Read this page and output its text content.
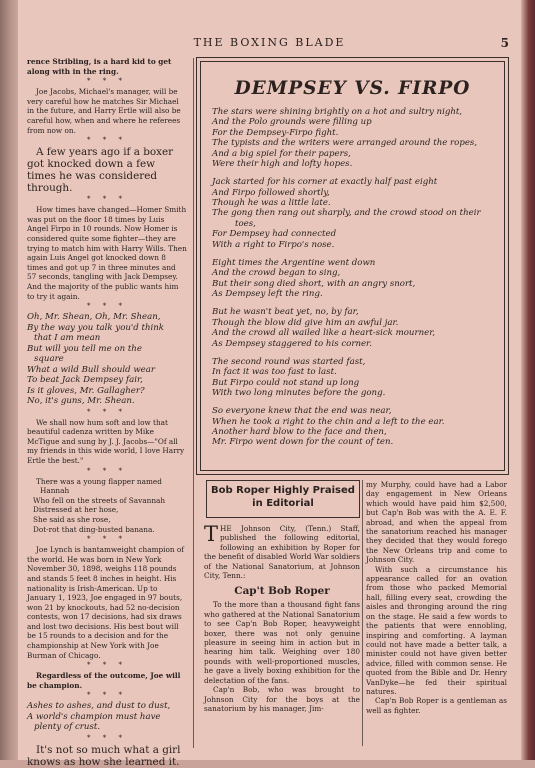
THE BOXING BLADE	5

rence Stribling, is a hard kid to get along with in the ring.

* * *

Joe Jacobs, Michael's manager, will be very careful how he matches Sir Michael in the future, and Harry Ertle will also be careful how, when and where he referees from now on.

* * *

A few years ago if a boxer got knocked down a few times he was considered through.

* * *

How times have changed—Homer Smith was put on the floor 18 times by Luis Angel Firpo in 10 rounds. Now Homer is considered quite some fighter—they are trying to match him with Harry Wills. Then again Luis Angel got knocked down 8 times and got up 7 in three minutes and 57 seconds, tangling with Jack Dempsey. And the majority of the public wants him to try it again.

* * *
Oh, Mr. Shean, Oh, Mr. Shean,
By the way you talk you'd think
that I am mean
But will you tell me on the
square
What a wild Bull should wear
To beat Jack Dempsey fair,
Is it gloves, Mr. Gallagher?
No, it's guns, Mr. Shean.
* * *

We shall now hum soft and low that beautiful cadenza written by Mike McTigue and sung by J. J. Jacobs—"Of all my friends in this wide world, I love Harry Ertle the best."

* * *

There was a young flapper named

Hannah
Who fell on the streets of Savannah
Distressed at her hose,
She said as she rose,
Dot-rot that ding-busted banana.
* * *

Joe Lynch is bantamweight champion of the world. He was born in New York November 30, 1898, weighs 118 pounds and stands 5 feet 8 inches in height. His nationality is Irish-American. Up to January 1, 1923, Joe engaged in 97 bouts, won 21 by knockouts, had 52 no-decision contests, won 17 decisions, had six draws and lost two decisions. His best bout will be 15 rounds to a decision and for the championship at New York with Joe Burman of Chicago.

* * *

Regardless of the outcome, Joe will be champion.

* * *
Ashes to ashes, and dust to dust,
A world's champion must have
plenty of crust.
* * *

It's not so much what a girl knows as how she learned it.

DEMPSEY VS. FIRPO
The stars were shining brightly on a hot and sultry night,
And the Polo grounds were filling up
For the Dempsey-Firpo fight.
The typists and the writers were arranged around the ropes,
And a big spiel for their papers,
Were their high and lofty hopes.
Jack started for his corner at exactly half past eight
And Firpo followed shortly,
Though he was a little late.
The gong then rang out sharply, and the crowd stood on their
toes,
For Dempsey had connected
With a right to Firpo's nose.
Eight times the Argentine went down
And the crowd began to sing,
But their song died short, with an angry snort,
As Dempsey left the ring.
But he wasn't beat yet, no, by far,
Though the blow did give him an awful jar.
And the crowd all wailed like a heart-sick mourner,
As Dempsey staggered to his corner.
The second round was started fast,
In fact it was too fast to last.
But Firpo could not stand up long
With two long minutes before the gong.
So everyone knew that the end was near,
When he took a right to the chin and a left to the ear.
Another hard blow to the face and then,
Mr. Firpo went down for the count of ten.
Bob Roper Highly Praised
in Editorial

THE Johnson City, (Tenn.) Staff, published the following editorial, following an exhibition by Roper for the benefit of disabled World War soldiers of the National Sanatorium, at Johnson City, Tenn.:

Cap't Bob Roper

To the more than a thousand fight fans who gathered at the National Sanatorium to see Cap'n Bob Roper, heavyweight boxer, there was not only genuine pleasure in seeing him in action but in hearing him talk. Weighing over 180 pounds with well-proportioned muscles, he gave a lively boxing exhibition for the delectation of the fans.

Cap'n Bob, who was brought to Johnson City for the boys at the sanatorium by his manager, Jim-

my Murphy, could have had a Labor day engagement in New Orleans which would have paid him $2,500, but Cap'n Bob was with the A. E. F. abroad, and when the appeal from the sanatorium reached his manager they decided that they would forego the New Orleans trip and come to Johnson City.

With such a circumstance his appearance called for an ovation from those who packed Memorial hall, filling every seat, crowding the aisles and thronging around the ring on the stage. He said a few words to the patients that were ennobling, inspiring and comforting. A layman could not have made a better talk, a minister could not have given better advice, filled with common sense. He quoted from the Bible and Dr. Henry VanDyke—he fed their spiritual natures.

Cap'n Bob Roper is a gentleman as well as fighter.
